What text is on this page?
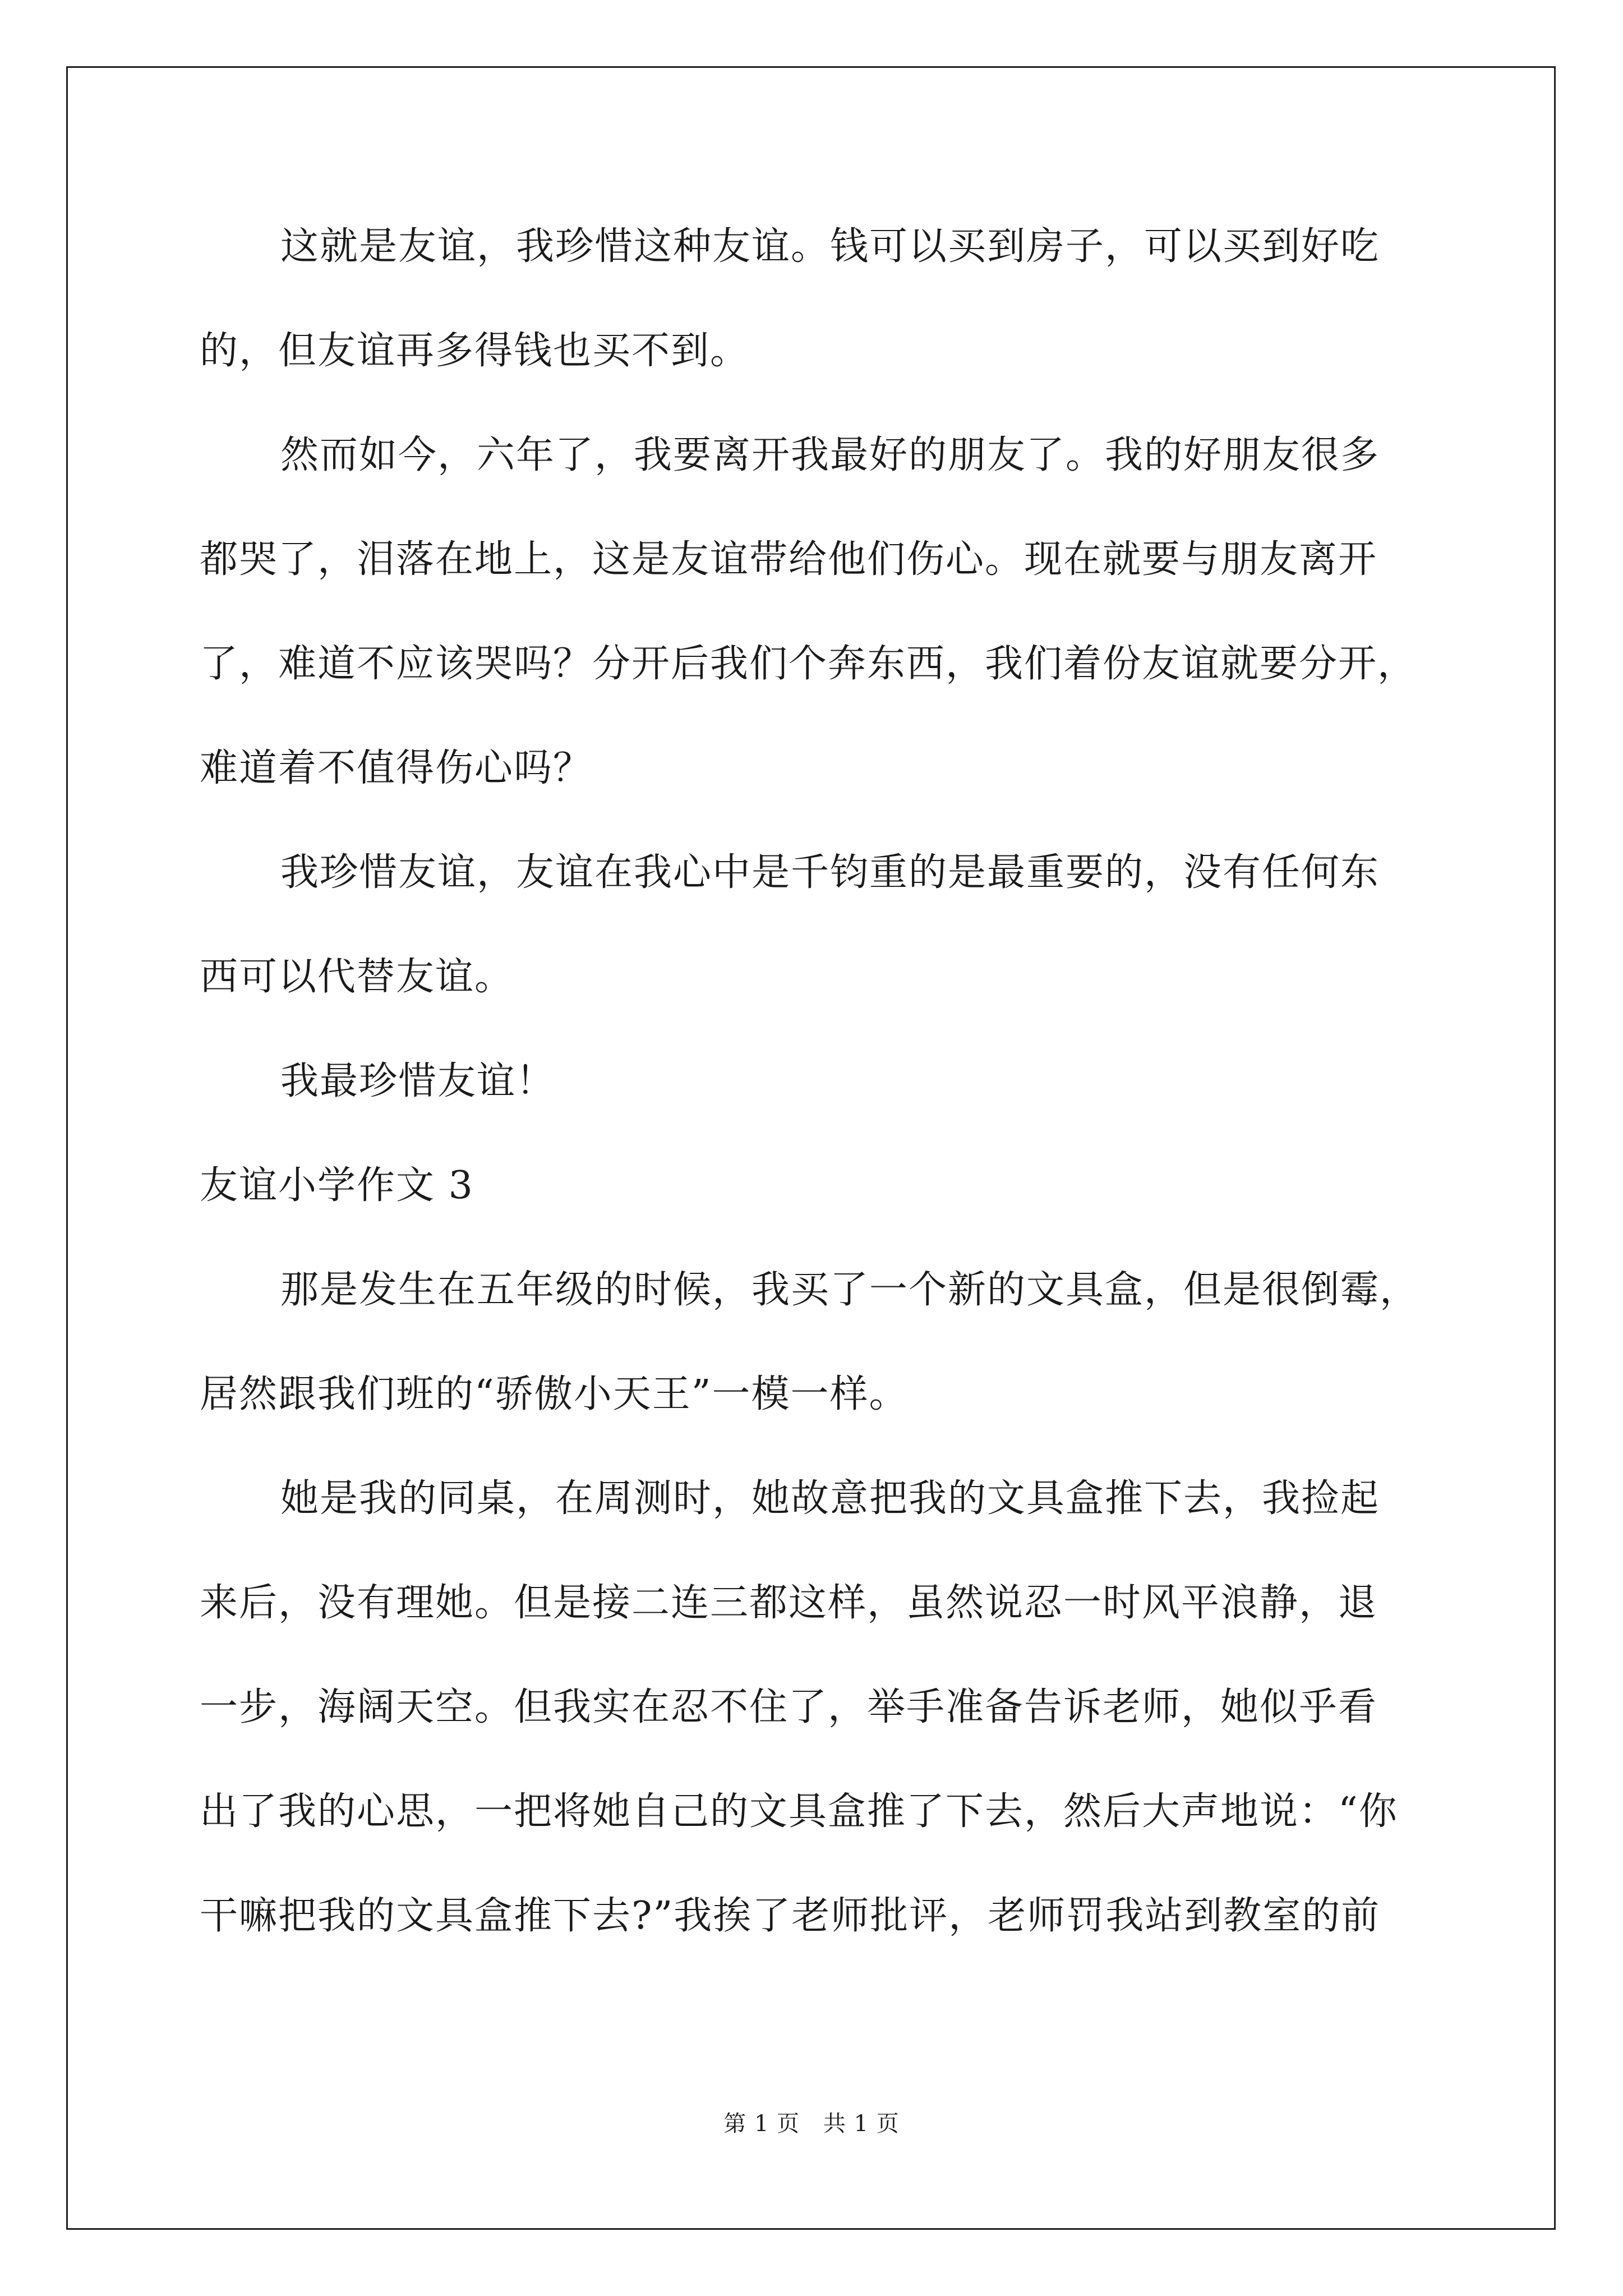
这就是友谊，我珍惜这种友谊。钱可以买到房子，可以买到好吃
的，但友谊再多得钱也买不到。
然而如今，六年了，我要离开我最好的朋友了。我的好朋友很多
都哭了，泪落在地上，这是友谊带给他们伤心。现在就要与朋友离开
了，难道不应该哭吗？分开后我们个奔东西，我们着份友谊就要分开，
难道着不值得伤心吗？
我珍惜友谊，友谊在我心中是千钧重的是最重要的，没有任何东
西可以代替友谊。
我最珍惜友谊！
友谊小学作文 3
那是发生在五年级的时候，我买了一个新的文具盒，但是很倒霉，
居然跟我们班的“骄傲小天王”一模一样。
她是我的同桌，在周测时，她故意把我的文具盒推下去，我捡起
来后，没有理她。但是接二连三都这样，虽然说忍一时风平浪静，退
一步，海阔天空。但我实在忍不住了，举手准备告诉老师，她似乎看
出了我的心思，一把将她自己的文具盒推了下去，然后大声地说：“你
干嘛把我的文具盒推下去?”我挨了老师批评，老师罚我站到教室的前
第 1 页 共 1 页
